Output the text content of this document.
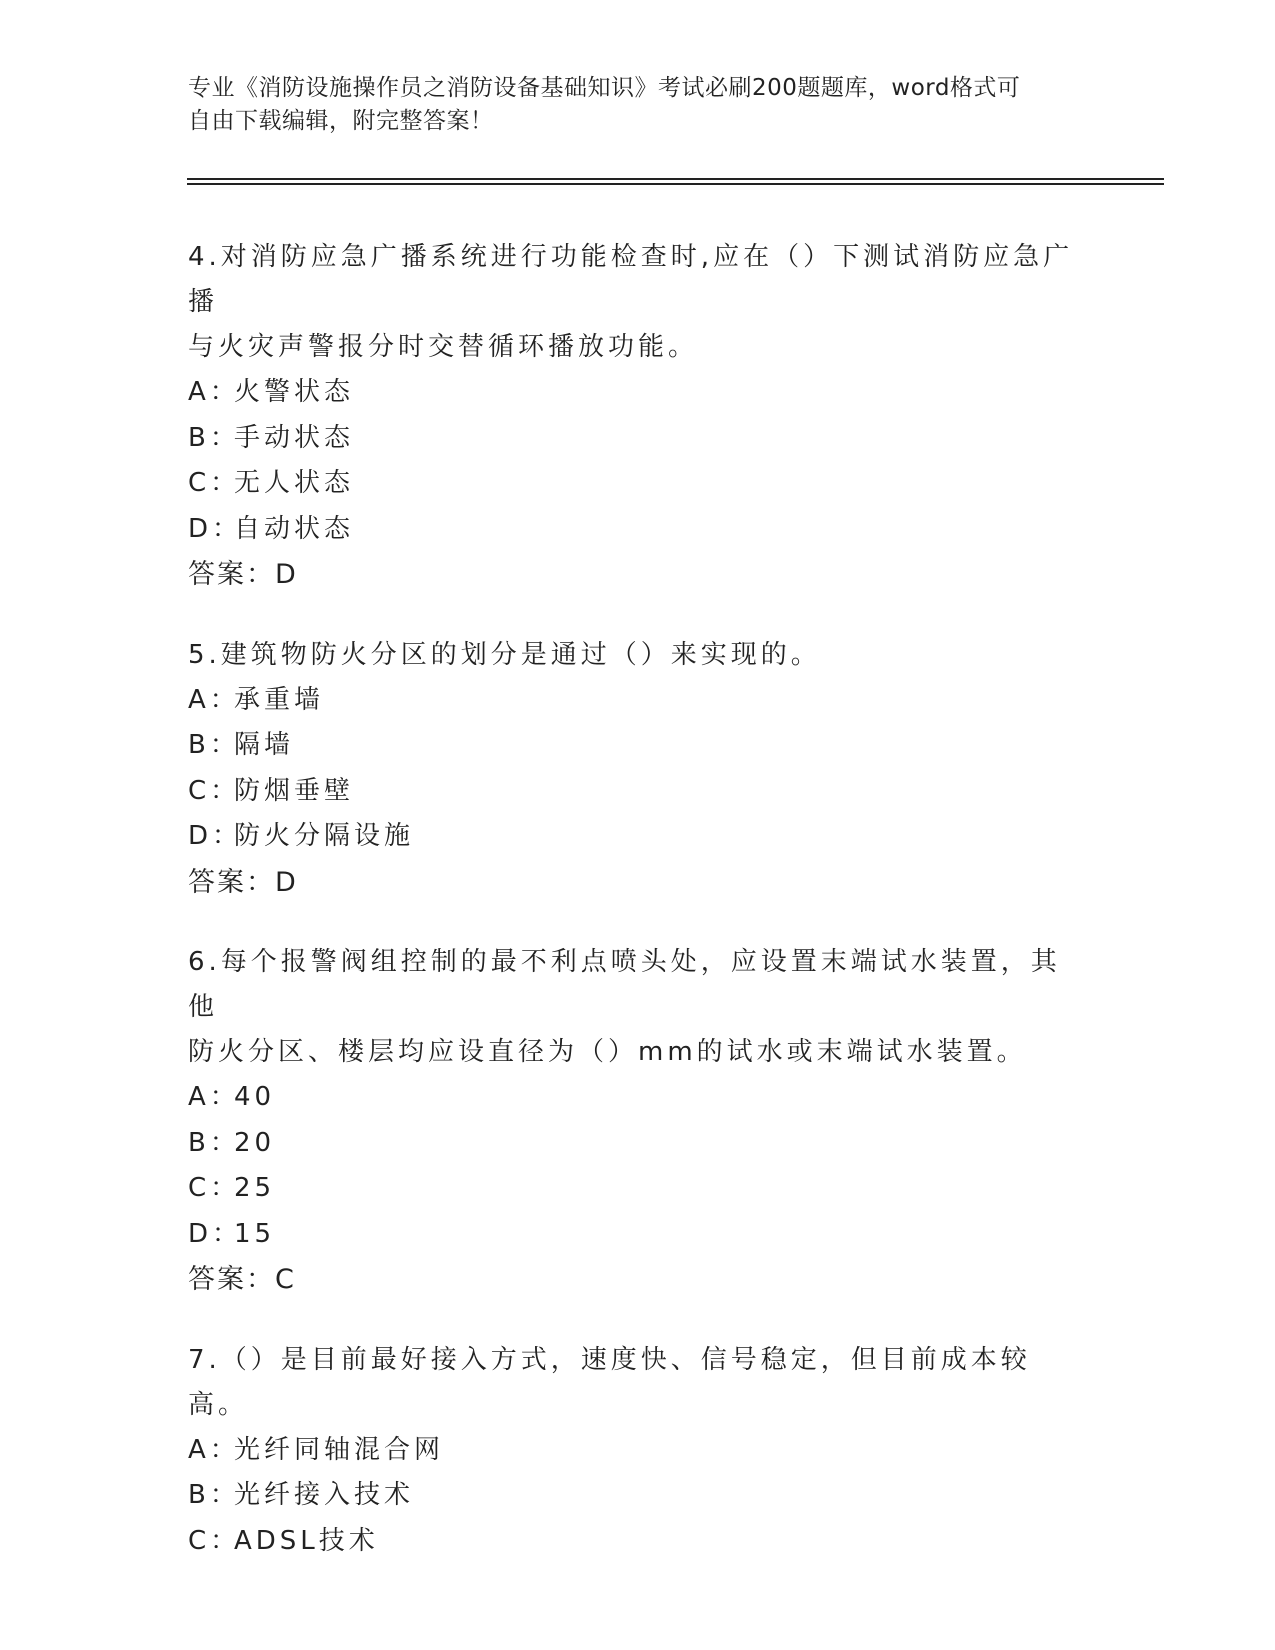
专业《消防设施操作员之消防设备基础知识》考试必刷200题题库，word格式可
自由下载编辑，附完整答案！
4.对消防应急广播系统进行功能检查时,应在（）下测试消防应急广播
与火灾声警报分时交替循环播放功能。
A：火警状态
B：手动状态
C：无人状态
D：自动状态
答案：D
5.建筑物防火分区的划分是通过（）来实现的。
A：承重墙
B：隔墙
C：防烟垂壁
D：防火分隔设施
答案：D
6.每个报警阀组控制的最不利点喷头处，应设置末端试水装置，其他
防火分区、楼层均应设直径为（）mm的试水或末端试水装置。
A：40
B：20
C：25
D：15
答案：C
7.（）是目前最好接入方式，速度快、信号稳定，但目前成本较高。
A：光纤同轴混合网
B：光纤接入技术
C：ADSL技术
